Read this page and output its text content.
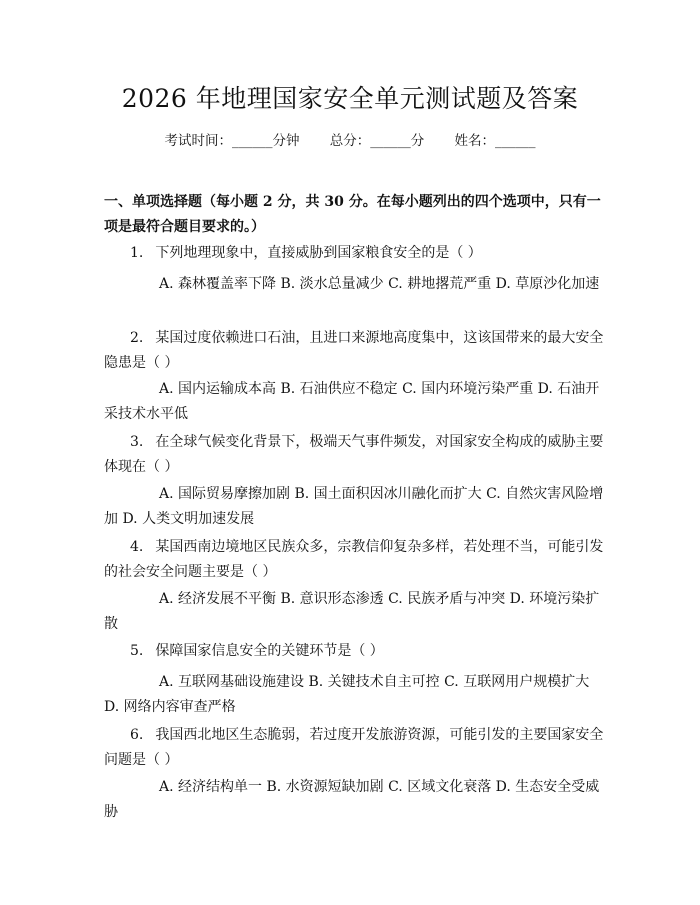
2026 年地理国家安全单元测试题及答案
考试时间：______分钟 总分：______分 姓名：______
一、单项选择题（每小题 2 分，共 30 分。在每小题列出的四个选项中，只有一项是最符合题目要求的。）
1. 下列地理现象中，直接威胁到国家粮食安全的是（ ）
A. 森林覆盖率下降 B. 淡水总量减少 C. 耕地撂荒严重 D. 草原沙化加速
2. 某国过度依赖进口石油，且进口来源地高度集中，这该国带来的最大安全隐患是（ ）
A. 国内运输成本高 B. 石油供应不稳定 C. 国内环境污染严重 D. 石油开采技术水平低
3. 在全球气候变化背景下，极端天气事件频发，对国家安全构成的威胁主要体现在（ ）
A. 国际贸易摩擦加剧 B. 国土面积因冰川融化而扩大 C. 自然灾害风险增加 D. 人类文明加速发展
4. 某国西南边境地区民族众多，宗教信仰复杂多样，若处理不当，可能引发的社会安全问题主要是（ ）
A. 经济发展不平衡 B. 意识形态渗透 C. 民族矛盾与冲突 D. 环境污染扩散
5. 保障国家信息安全的关键环节是（ ）
A. 互联网基础设施建设 B. 关键技术自主可控 C. 互联网用户规模扩大 D. 网络内容审查严格
6. 我国西北地区生态脆弱，若过度开发旅游资源，可能引发的主要国家安全问题是（ ）
A. 经济结构单一 B. 水资源短缺加剧 C. 区域文化衰落 D. 生态安全受威胁
